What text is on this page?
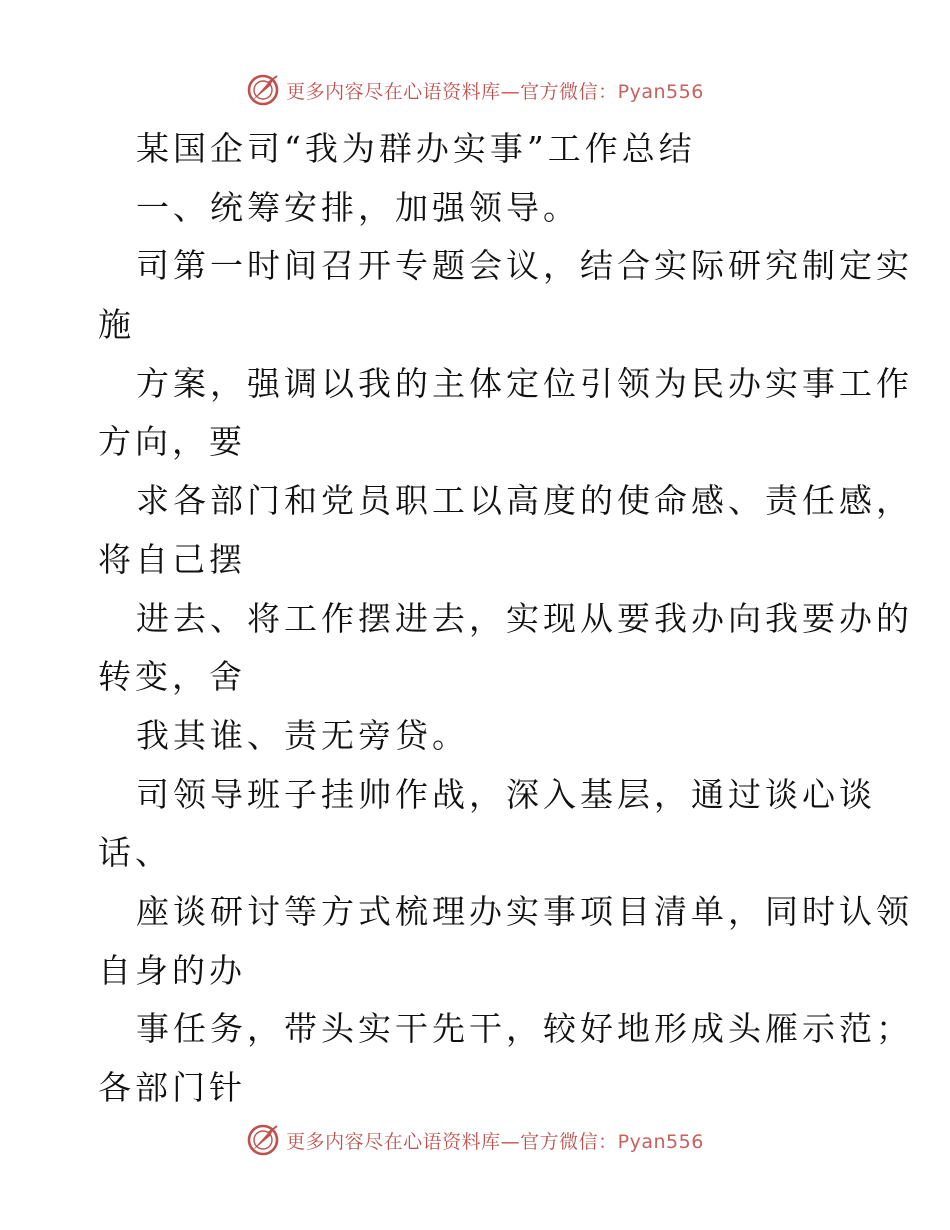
更多内容尽在心语资料库—官方微信：Pyan556
某国企司“我为群办实事”工作总结
一、统筹安排，加强领导。
司第一时间召开专题会议，结合实际研究制定实
施
方案，强调以我的主体定位引领为民办实事工作
方向，要
求各部门和党员职工以高度的使命感、责任感，
将自己摆
进去、将工作摆进去，实现从要我办向我要办的
转变，舍
我其谁、责无旁贷。
司领导班子挂帅作战，深入基层，通过谈心谈
话、
座谈研讨等方式梳理办实事项目清单，同时认领
自身的办
事任务，带头实干先干，较好地形成头雁示范；
各部门针
更多内容尽在心语资料库—官方微信：Pyan556
